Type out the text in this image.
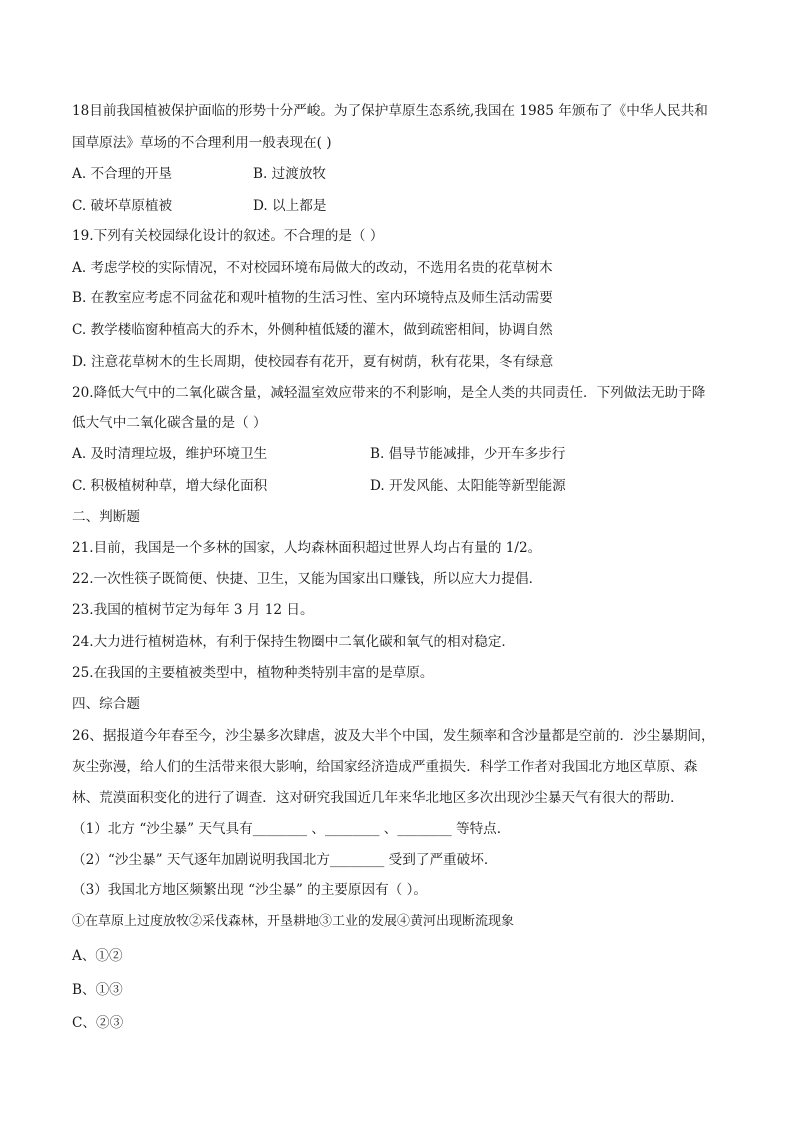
18目前我国植被保护面临的形势十分严峻。为了保护草原生态系统,我国在 1985 年颁布了《中华人民共和
国草原法》草场的不合理利用一般表现在( )
A. 不合理的开垦	B. 过渡放牧
C. 破坏草原植被	D. 以上都是
19.下列有关校园绿化设计的叙述。不合理的是（ ）
A. 考虑学校的实际情况，不对校园环境布局做大的改动，不选用名贵的花草树木
B. 在教室应考虑不同盆花和观叶植物的生活习性、室内环境特点及师生活动需要
C. 教学楼临窗种植高大的乔木，外侧种植低矮的灌木，做到疏密相间，协调自然
D. 注意花草树木的生长周期，使校园春有花开，夏有树荫，秋有花果，冬有绿意
20.降低大气中的二氧化碳含量，减轻温室效应带来的不利影响，是全人类的共同责任．下列做法无助于降
低大气中二氧化碳含量的是（ ）
A. 及时清理垃圾，维护环境卫生	B. 倡导节能减排，少开车多步行
C. 积极植树种草，增大绿化面积	D. 开发风能、太阳能等新型能源
二、判断题
21.目前，我国是一个多林的国家，人均森林面积超过世界人均占有量的 1/2。
22.一次性筷子既简便、快捷、卫生，又能为国家出口赚钱，所以应大力提倡．
23.我国的植树节定为每年 3 月 12 日。
24.大力进行植树造林，有利于保持生物圈中二氧化碳和氧气的相对稳定．
25.在我国的主要植被类型中，植物种类特别丰富的是草原。
四、综合题
26、据报道今年春至今，沙尘暴多次肆虐，波及大半个中国，发生频率和含沙量都是空前的．沙尘暴期间，
灰尘弥漫，给人们的生活带来很大影响，给国家经济造成严重损失．科学工作者对我国北方地区草原、森
林、荒漠面积变化的进行了调查．这对研究我国近几年来华北地区多次出现沙尘暴天气有很大的帮助．
（1）北方 “沙尘暴” 天气具有________ 、________ 、________ 等特点．
（2）“沙尘暴” 天气逐年加剧说明我国北方________ 受到了严重破坏．
（3）我国北方地区频繁出现 “沙尘暴” 的主要原因有（ ）。
①在草原上过度放牧②采伐森林，开垦耕地③工业的发展④黄河出现断流现象
A、①②
B、①③
C、②③
